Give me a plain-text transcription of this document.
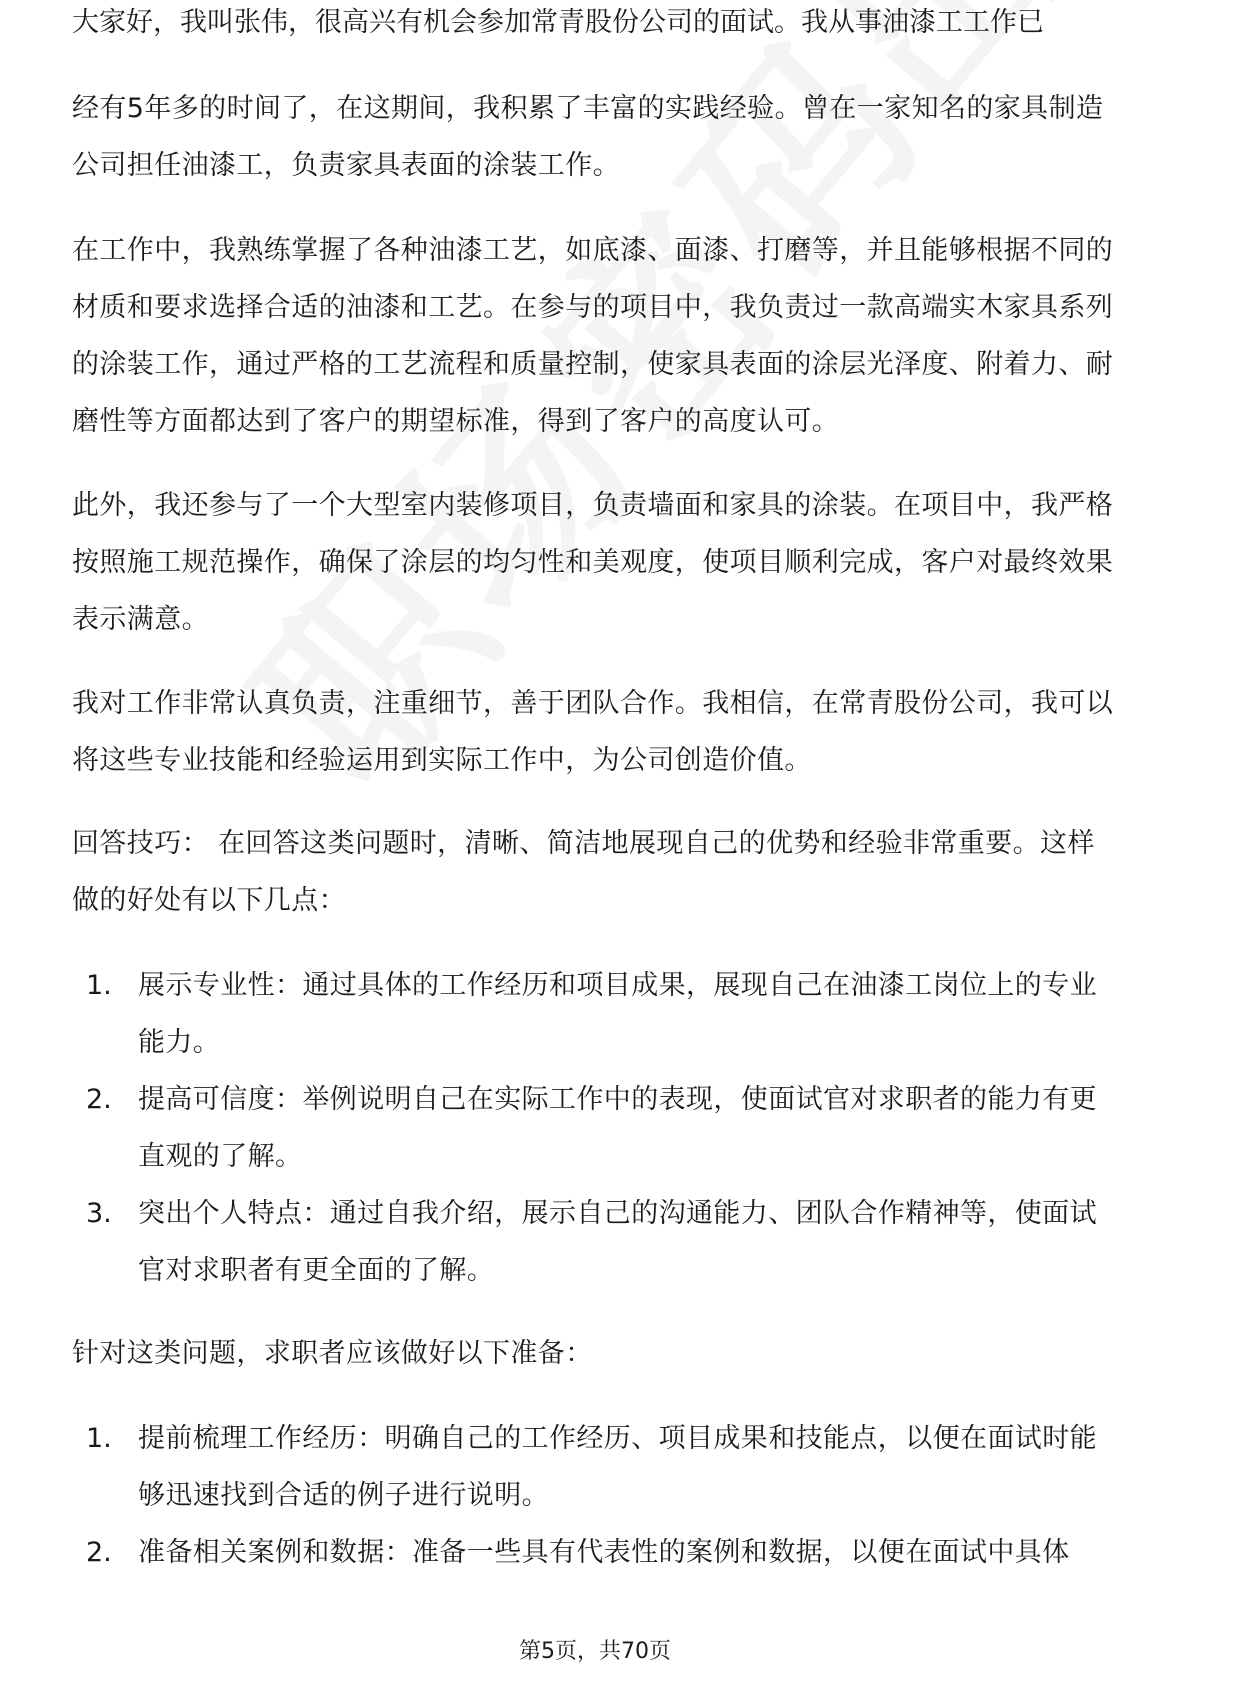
大家好，我叫张伟，很高兴有机会参加常青股份公司的面试。我从事油漆工工作已

经有5年多的时间了，在这期间，我积累了丰富的实践经验。曾在一家知名的家具制造公司担任油漆工，负责家具表面的涂装工作。

在工作中，我熟练掌握了各种油漆工艺，如底漆、面漆、打磨等，并且能够根据不同的材质和要求选择合适的油漆和工艺。在参与的项目中，我负责过一款高端实木家具系列的涂装工作，通过严格的工艺流程和质量控制，使家具表面的涂层光泽度、附着力、耐磨性等方面都达到了客户的期望标准，得到了客户的高度认可。

此外，我还参与了一个大型室内装修项目，负责墙面和家具的涂装。在项目中，我严格按照施工规范操作，确保了涂层的均匀性和美观度，使项目顺利完成，客户对最终效果表示满意。

我对工作非常认真负责，注重细节，善于团队合作。我相信，在常青股份公司，我可以将这些专业技能和经验运用到实际工作中，为公司创造价值。

回答技巧： 在回答这类问题时，清晰、简洁地展现自己的优势和经验非常重要。这样做的好处有以下几点：

1. 展示专业性：通过具体的工作经历和项目成果，展现自己在油漆工岗位上的专业能力。
2. 提高可信度：举例说明自己在实际工作中的表现，使面试官对求职者的能力有更直观的了解。
3. 突出个人特点：通过自我介绍，展示自己的沟通能力、团队合作精神等，使面试官对求职者有更全面的了解。

针对这类问题，求职者应该做好以下准备：

1. 提前梳理工作经历：明确自己的工作经历、项目成果和技能点，以便在面试时能够迅速找到合适的例子进行说明。
2. 准备相关案例和数据：准备一些具有代表性的案例和数据，以便在面试中具体
第5页，共70页
